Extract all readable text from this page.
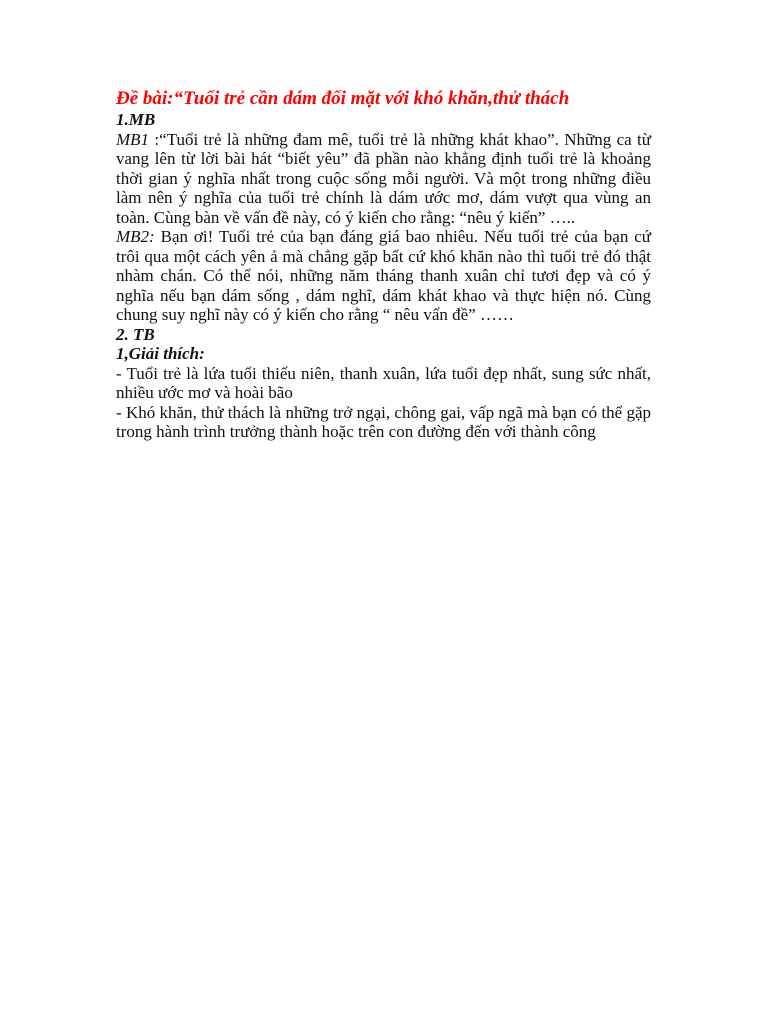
Đề bài:“Tuổi trẻ cần dám đối mặt với khó khăn,thử thách
1.MB

MB1 :“Tuổi trẻ là những đam mê, tuổi trẻ là những khát khao”. Những ca từ vang lên từ lời bài hát “biết yêu” đã phần nào khẳng định tuổi trẻ là khoảng thời gian ý nghĩa nhất trong cuộc sống mỗi người. Và một trong những điều làm nên ý nghĩa của tuổi trẻ chính là dám ước mơ, dám vượt qua vùng an toàn. Cùng bàn về vấn đề này, có ý kiến cho rằng: “nêu ý kiến” …..

MB2: Bạn ơi! Tuổi trẻ của bạn đáng giá bao nhiêu. Nếu tuổi trẻ của bạn cứ trôi qua một cách yên ả mà chẳng gặp bất cứ khó khăn nào thì tuổi trẻ đó thật nhàm chán. Có thể nói, những năm tháng thanh xuân chỉ tươi đẹp và có ý nghĩa nếu bạn dám sống , dám nghĩ, dám khát khao và thực hiện nó. Cùng chung suy nghĩ này có ý kiến cho rằng “ nêu vấn đề” ……

2. TB
1,Giải thích:

- Tuổi trẻ là lứa tuổi thiếu niên, thanh xuân, lứa tuổi đẹp nhất, sung sức nhất, nhiều ước mơ và hoài bão

- Khó khăn, thử thách là những trở ngại, chông gai, vấp ngã mà bạn có thể gặp trong hành trình trưởng thành hoặc trên con đường đến với thành công
